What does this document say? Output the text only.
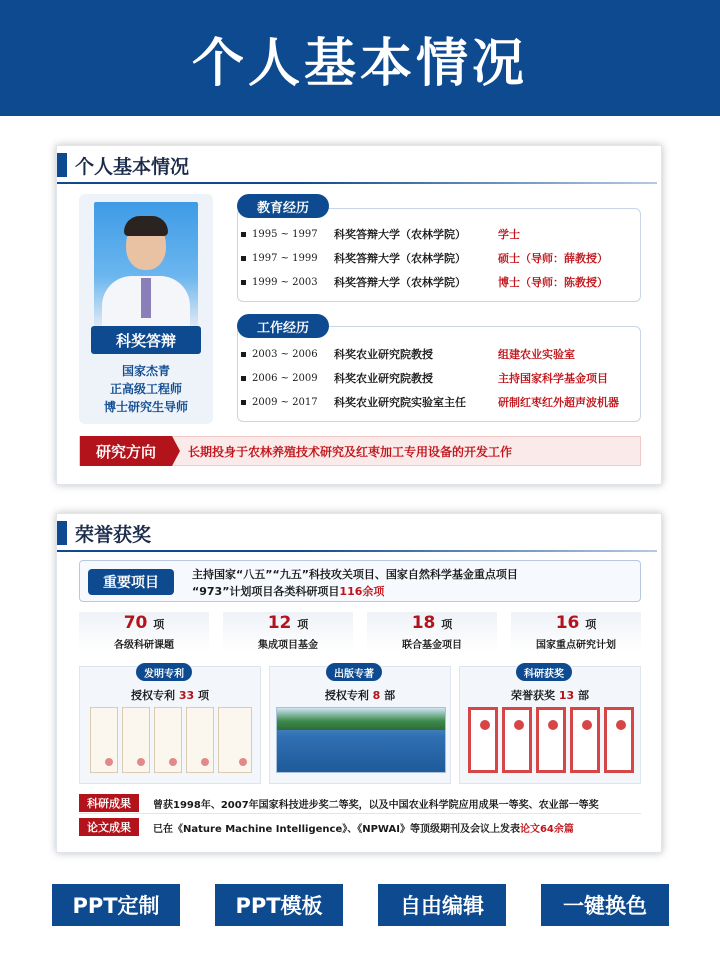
个人基本情况
个人基本情况
科奖答辩
国家杰青
正高级工程师
博士研究生导师
教育经历
1995 ~ 1997	科奖答辩大学（农林学院）	学士
1997 ~ 1999	科奖答辩大学（农林学院）	硕士（导师：薛教授）
1999 ~ 2003	科奖答辩大学（农林学院）	博士（导师：陈教授）
工作经历
2003 ~ 2006	科奖农业研究院教授	组建农业实验室
2006 ~ 2009	科奖农业研究院教授	主持国家科学基金项目
2009 ~ 2017	科奖农业研究院实验室主任	研制红枣红外超声波机器
研究方向	长期投身于农林养殖技术研究及红枣加工专用设备的开发工作
荣誉获奖
重要项目
主持国家“八五”“九五”科技攻关项目、国家自然科学基金重点项目
“973”计划项目各类科研项目116余项
70 项
各级科研课题
12 项
集成项目基金
18 项
联合基金项目
16 项
国家重点研究计划
发明专利
授权专利 33 项
出版专著
授权专利 8 部
科研获奖
荣誉获奖 13 部
科研成果	曾获1998年、2007年国家科技进步奖二等奖，以及中国农业科学院应用成果一等奖、农业部一等奖
论文成果	已在《Nature Machine Intelligence》、《NPWAI》等顶级期刊及会议上发表 论文64余篇
PPT定制	PPT模板	自由编辑	一键换色
